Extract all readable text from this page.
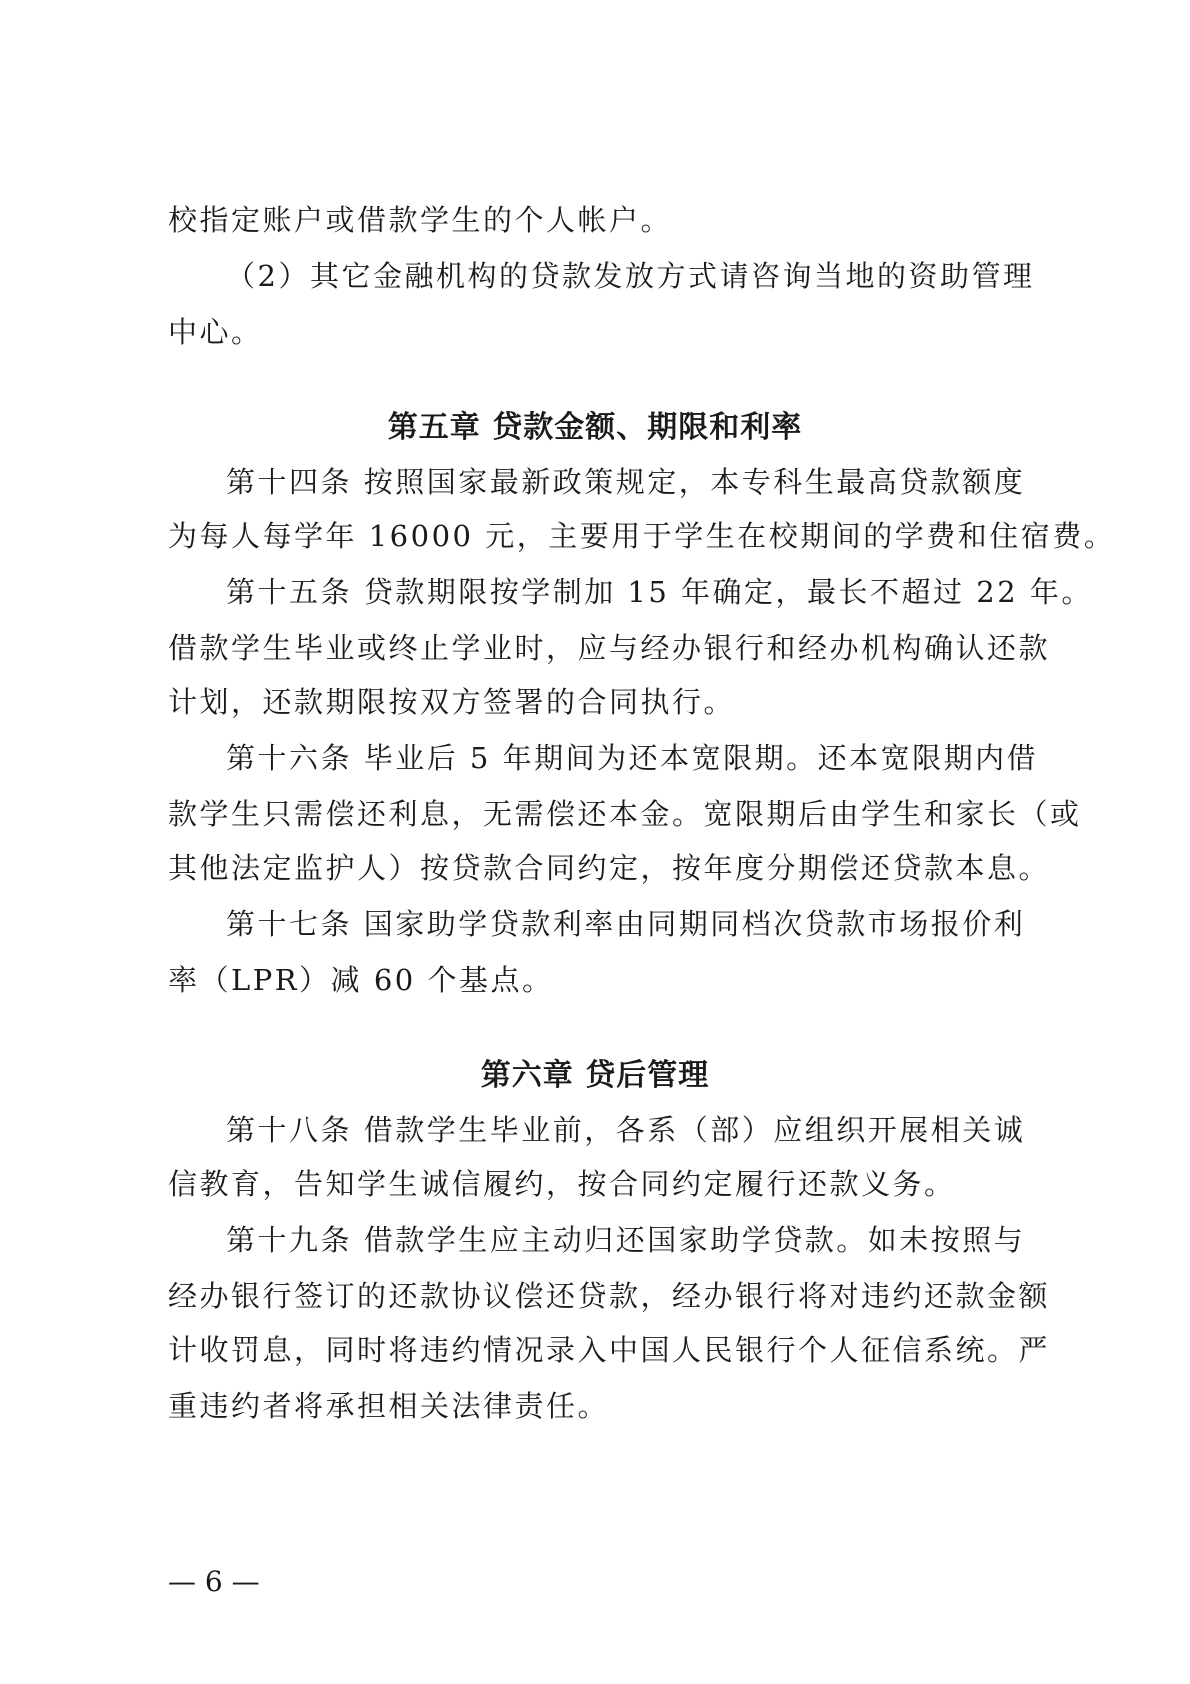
校指定账户或借款学生的个人帐户。
（2）其它金融机构的贷款发放方式请咨询当地的资助管理
中心。
第五章 贷款金额、期限和利率
第十四条 按照国家最新政策规定，本专科生最高贷款额度
为每人每学年 16000 元，主要用于学生在校期间的学费和住宿费。
第十五条 贷款期限按学制加 15 年确定，最长不超过 22 年。
借款学生毕业或终止学业时，应与经办银行和经办机构确认还款
计划，还款期限按双方签署的合同执行。
第十六条 毕业后 5 年期间为还本宽限期。还本宽限期内借
款学生只需偿还利息，无需偿还本金。宽限期后由学生和家长（或
其他法定监护人）按贷款合同约定，按年度分期偿还贷款本息。
第十七条 国家助学贷款利率由同期同档次贷款市场报价利
率（LPR）减 60 个基点。
第六章 贷后管理
第十八条 借款学生毕业前，各系（部）应组织开展相关诚
信教育，告知学生诚信履约，按合同约定履行还款义务。
第十九条 借款学生应主动归还国家助学贷款。如未按照与
经办银行签订的还款协议偿还贷款，经办银行将对违约还款金额
计收罚息，同时将违约情况录入中国人民银行个人征信系统。严
重违约者将承担相关法律责任。
— 6 —
